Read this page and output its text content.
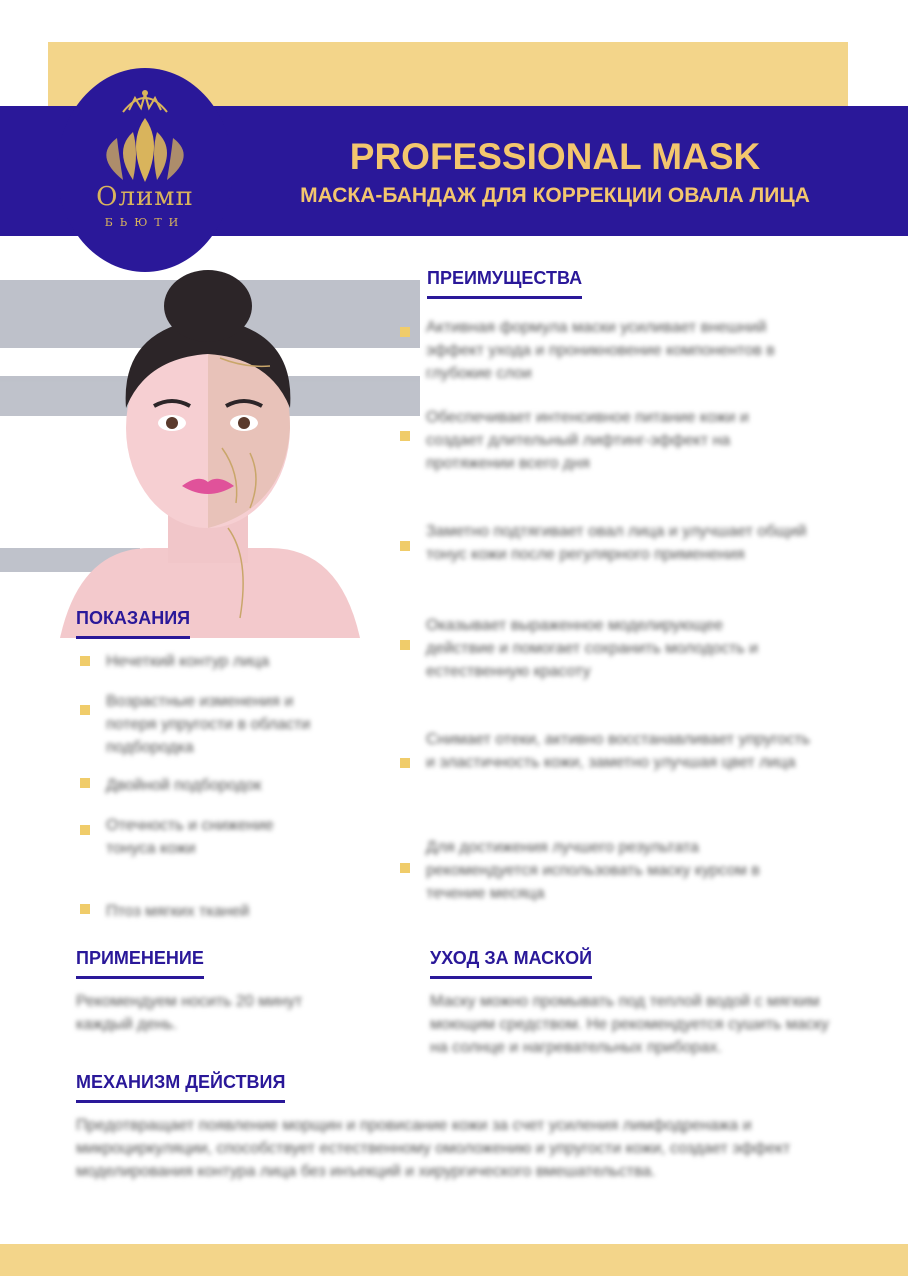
Олимп
БЬЮТИ
PROFESSIONAL MASK
МАСКА-БАНДАЖ ДЛЯ КОРРЕКЦИИ ОВАЛА ЛИЦА
ПРЕИМУЩЕСТВА
Активная формула маски усиливает внешний эффект ухода и проникновение компонентов в глубокие слои
Обеспечивает интенсивное питание кожи и создает длительный лифтинг-эффект на протяжении всего дня
Заметно подтягивает овал лица и улучшает общий тонус кожи после регулярного применения
Оказывает выраженное моделирующее действие и помогает сохранить молодость и естественную красоту
Снимает отеки, активно восстанавливает упругость и эластичность кожи, заметно улучшая цвет лица
Для достижения лучшего результата рекомендуется использовать маску курсом в течение месяца
ПОКАЗАНИЯ
Нечеткий контур лица
Возрастные изменения и потеря упругости в области подбородка
Двойной подбородок
Отечность и снижение тонуса кожи
Птоз мягких тканей
ПРИМЕНЕНИЕ
Рекомендуем носить 20 минут каждый день.
УХОД ЗА МАСКОЙ
Маску можно промывать под теплой водой с мягким моющим средством. Не рекомендуется сушить маску на солнце и нагревательных приборах.
МЕХАНИЗМ ДЕЙСТВИЯ
Предотвращает появление морщин и провисание кожи за счет усиления лимфодренажа и микроциркуляции, способствует естественному омоложению и упругости кожи, создает эффект моделирования контура лица без инъекций и хирургического вмешательства.
